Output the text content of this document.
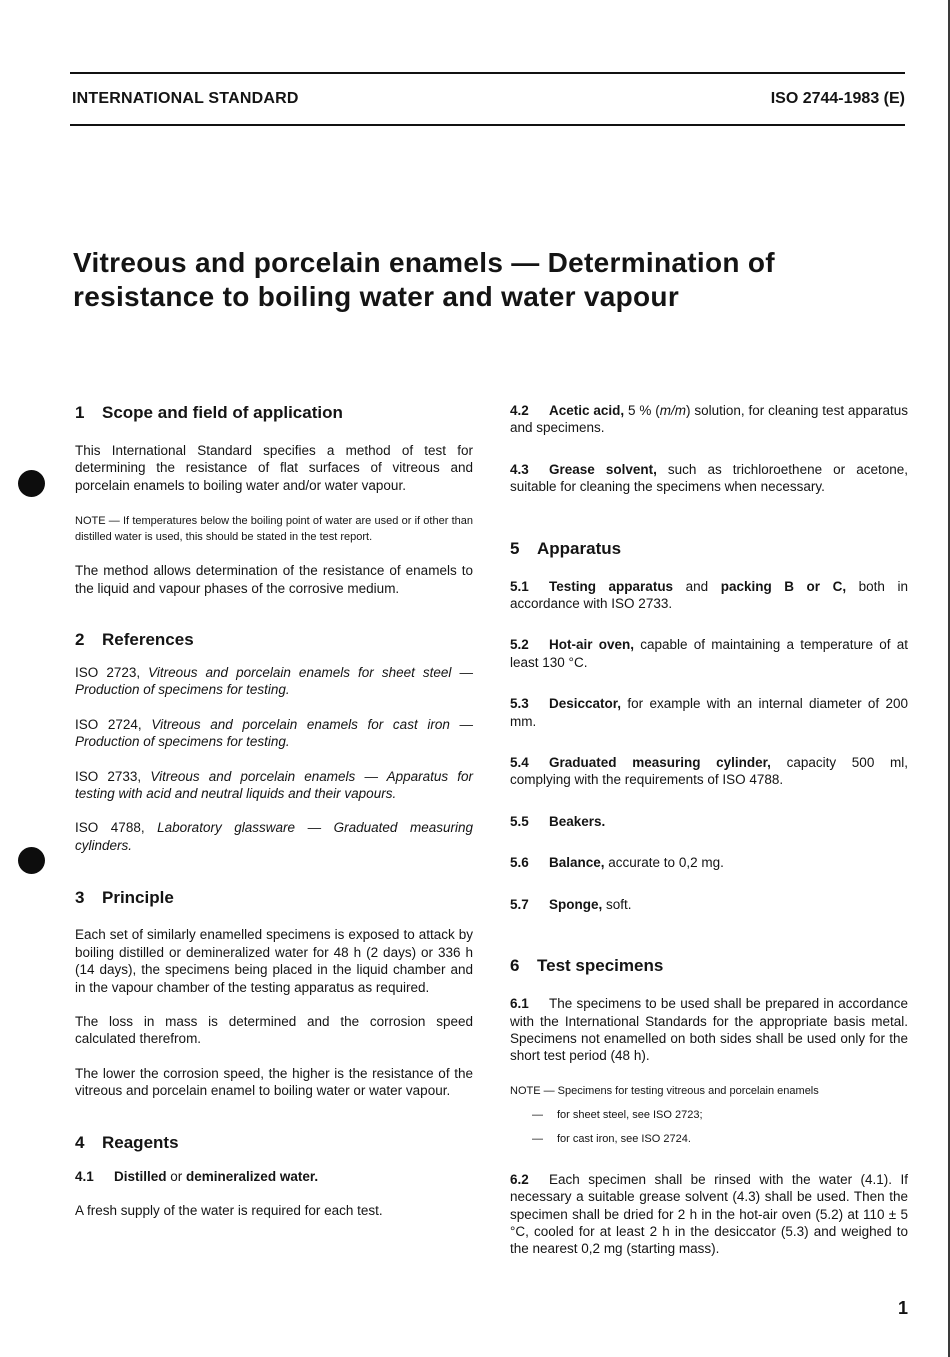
INTERNATIONAL STANDARD	ISO 2744-1983 (E)
Vitreous and porcelain enamels — Determination of
resistance to boiling water and water vapour
1 Scope and field of application

This International Standard specifies a method of test for determining the resistance of flat surfaces of vitreous and porcelain enamels to boiling water and/or water vapour.

NOTE — If temperatures below the boiling point of water are used or if other than distilled water is used, this should be stated in the test report.

The method allows determination of the resistance of enamels to the liquid and vapour phases of the corrosive medium.

2 References

ISO 2723, Vitreous and porcelain enamels for sheet steel — Production of specimens for testing.

ISO 2724, Vitreous and porcelain enamels for cast iron — Production of specimens for testing.

ISO 2733, Vitreous and porcelain enamels — Apparatus for testing with acid and neutral liquids and their vapours.

ISO 4788, Laboratory glassware — Graduated measuring cylinders.

3 Principle

Each set of similarly enamelled specimens is exposed to attack by boiling distilled or demineralized water for 48 h (2 days) or 336 h (14 days), the specimens being placed in the liquid chamber and in the vapour chamber of the testing apparatus as required.

The loss in mass is determined and the corrosion speed calculated therefrom.

The lower the corrosion speed, the higher is the resistance of the vitreous and porcelain enamel to boiling water or water vapour.

4 Reagents

4.1 Distilled or demineralized water.

A fresh supply of the water is required for each test.

4.2 Acetic acid, 5 % (m/m) solution, for cleaning test apparatus and specimens.

4.3 Grease solvent, such as trichloroethene or acetone, suitable for cleaning the specimens when necessary.

5 Apparatus

5.1 Testing apparatus and packing B or C, both in accordance with ISO 2733.

5.2 Hot-air oven, capable of maintaining a temperature of at least 130 °C.

5.3 Desiccator, for example with an internal diameter of 200 mm.

5.4 Graduated measuring cylinder, capacity 500 ml, complying with the requirements of ISO 4788.

5.5 Beakers.

5.6 Balance, accurate to 0,2 mg.

5.7 Sponge, soft.

6 Test specimens

6.1 The specimens to be used shall be prepared in accordance with the International Standards for the appropriate basis metal. Specimens not enamelled on both sides shall be used only for the short test period (48 h).

NOTE — Specimens for testing vitreous and porcelain enamels

—	for sheet steel, see ISO 2723;
—	for cast iron, see ISO 2724.

6.2 Each specimen shall be rinsed with the water (4.1). If necessary a suitable grease solvent (4.3) shall be used. Then the specimen shall be dried for 2 h in the hot-air oven (5.2) at 110 ± 5 °C, cooled for at least 2 h in the desiccator (5.3) and weighed to the nearest 0,2 mg (starting mass).

1
